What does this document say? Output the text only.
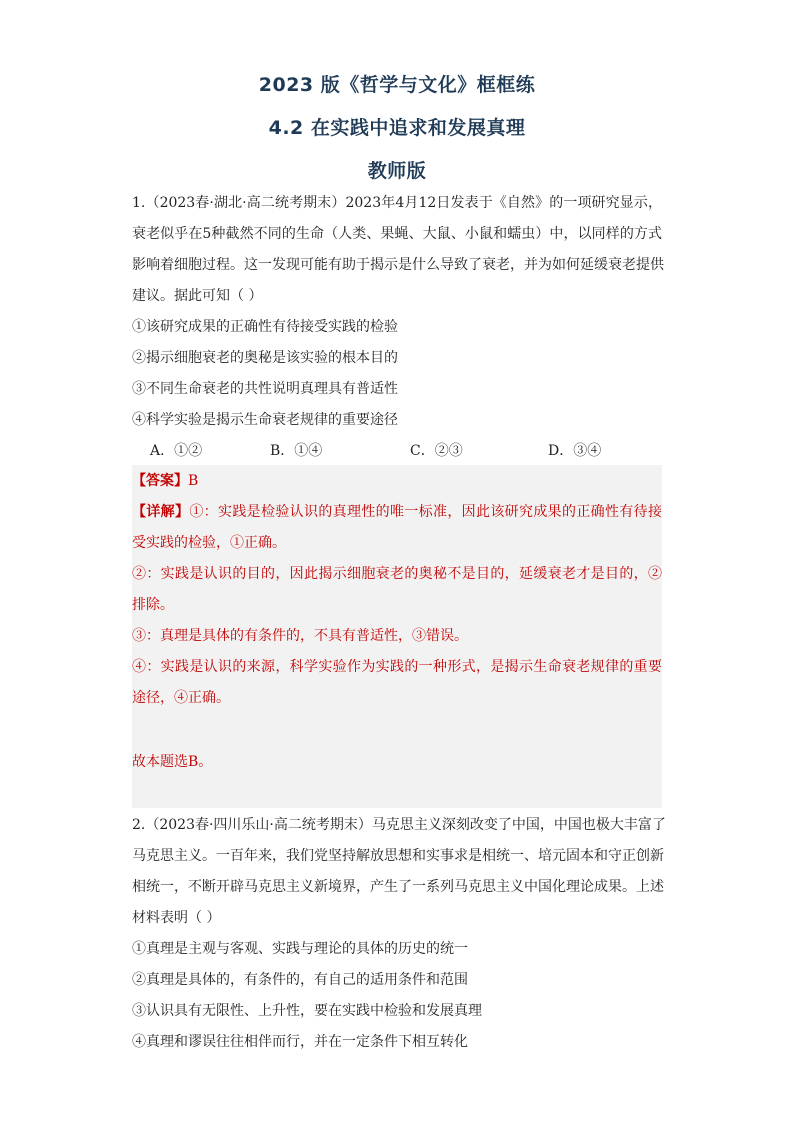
2023 版《哲学与文化》框框练
4.2 在实践中追求和发展真理
教师版
1.（2023春·湖北·高二统考期末）2023年4月12日发表于《自然》的一项研究显示，
衰老似乎在5种截然不同的生命（人类、果蝇、大鼠、小鼠和蠕虫）中，以同样的方式
影响着细胞过程。这一发现可能有助于揭示是什么导致了衰老，并为如何延缓衰老提供
建议。据此可知（ ）
①该研究成果的正确性有待接受实践的检验
②揭示细胞衰老的奥秘是该实验的根本目的
③不同生命衰老的共性说明真理具有普适性
④科学实验是揭示生命衰老规律的重要途径
A．①②	B．①④	C．②③	D．③④
【答案】B
【详解】①：实践是检验认识的真理性的唯一标准，因此该研究成果的正确性有待接
受实践的检验，①正确。
②：实践是认识的目的，因此揭示细胞衰老的奥秘不是目的，延缓衰老才是目的，②
排除。
③：真理是具体的有条件的，不具有普适性，③错误。
④：实践是认识的来源，科学实验作为实践的一种形式，是揭示生命衰老规律的重要
途径，④正确。
故本题选B。
2.（2023春·四川乐山·高二统考期末）马克思主义深刻改变了中国，中国也极大丰富了
马克思主义。一百年来，我们党坚持解放思想和实事求是相统一、培元固本和守正创新
相统一，不断开辟马克思主义新境界，产生了一系列马克思主义中国化理论成果。上述
材料表明（ ）
①真理是主观与客观、实践与理论的具体的历史的统一
②真理是具体的，有条件的，有自己的适用条件和范围
③认识具有无限性、上升性，要在实践中检验和发展真理
④真理和谬误往往相伴而行，并在一定条件下相互转化
